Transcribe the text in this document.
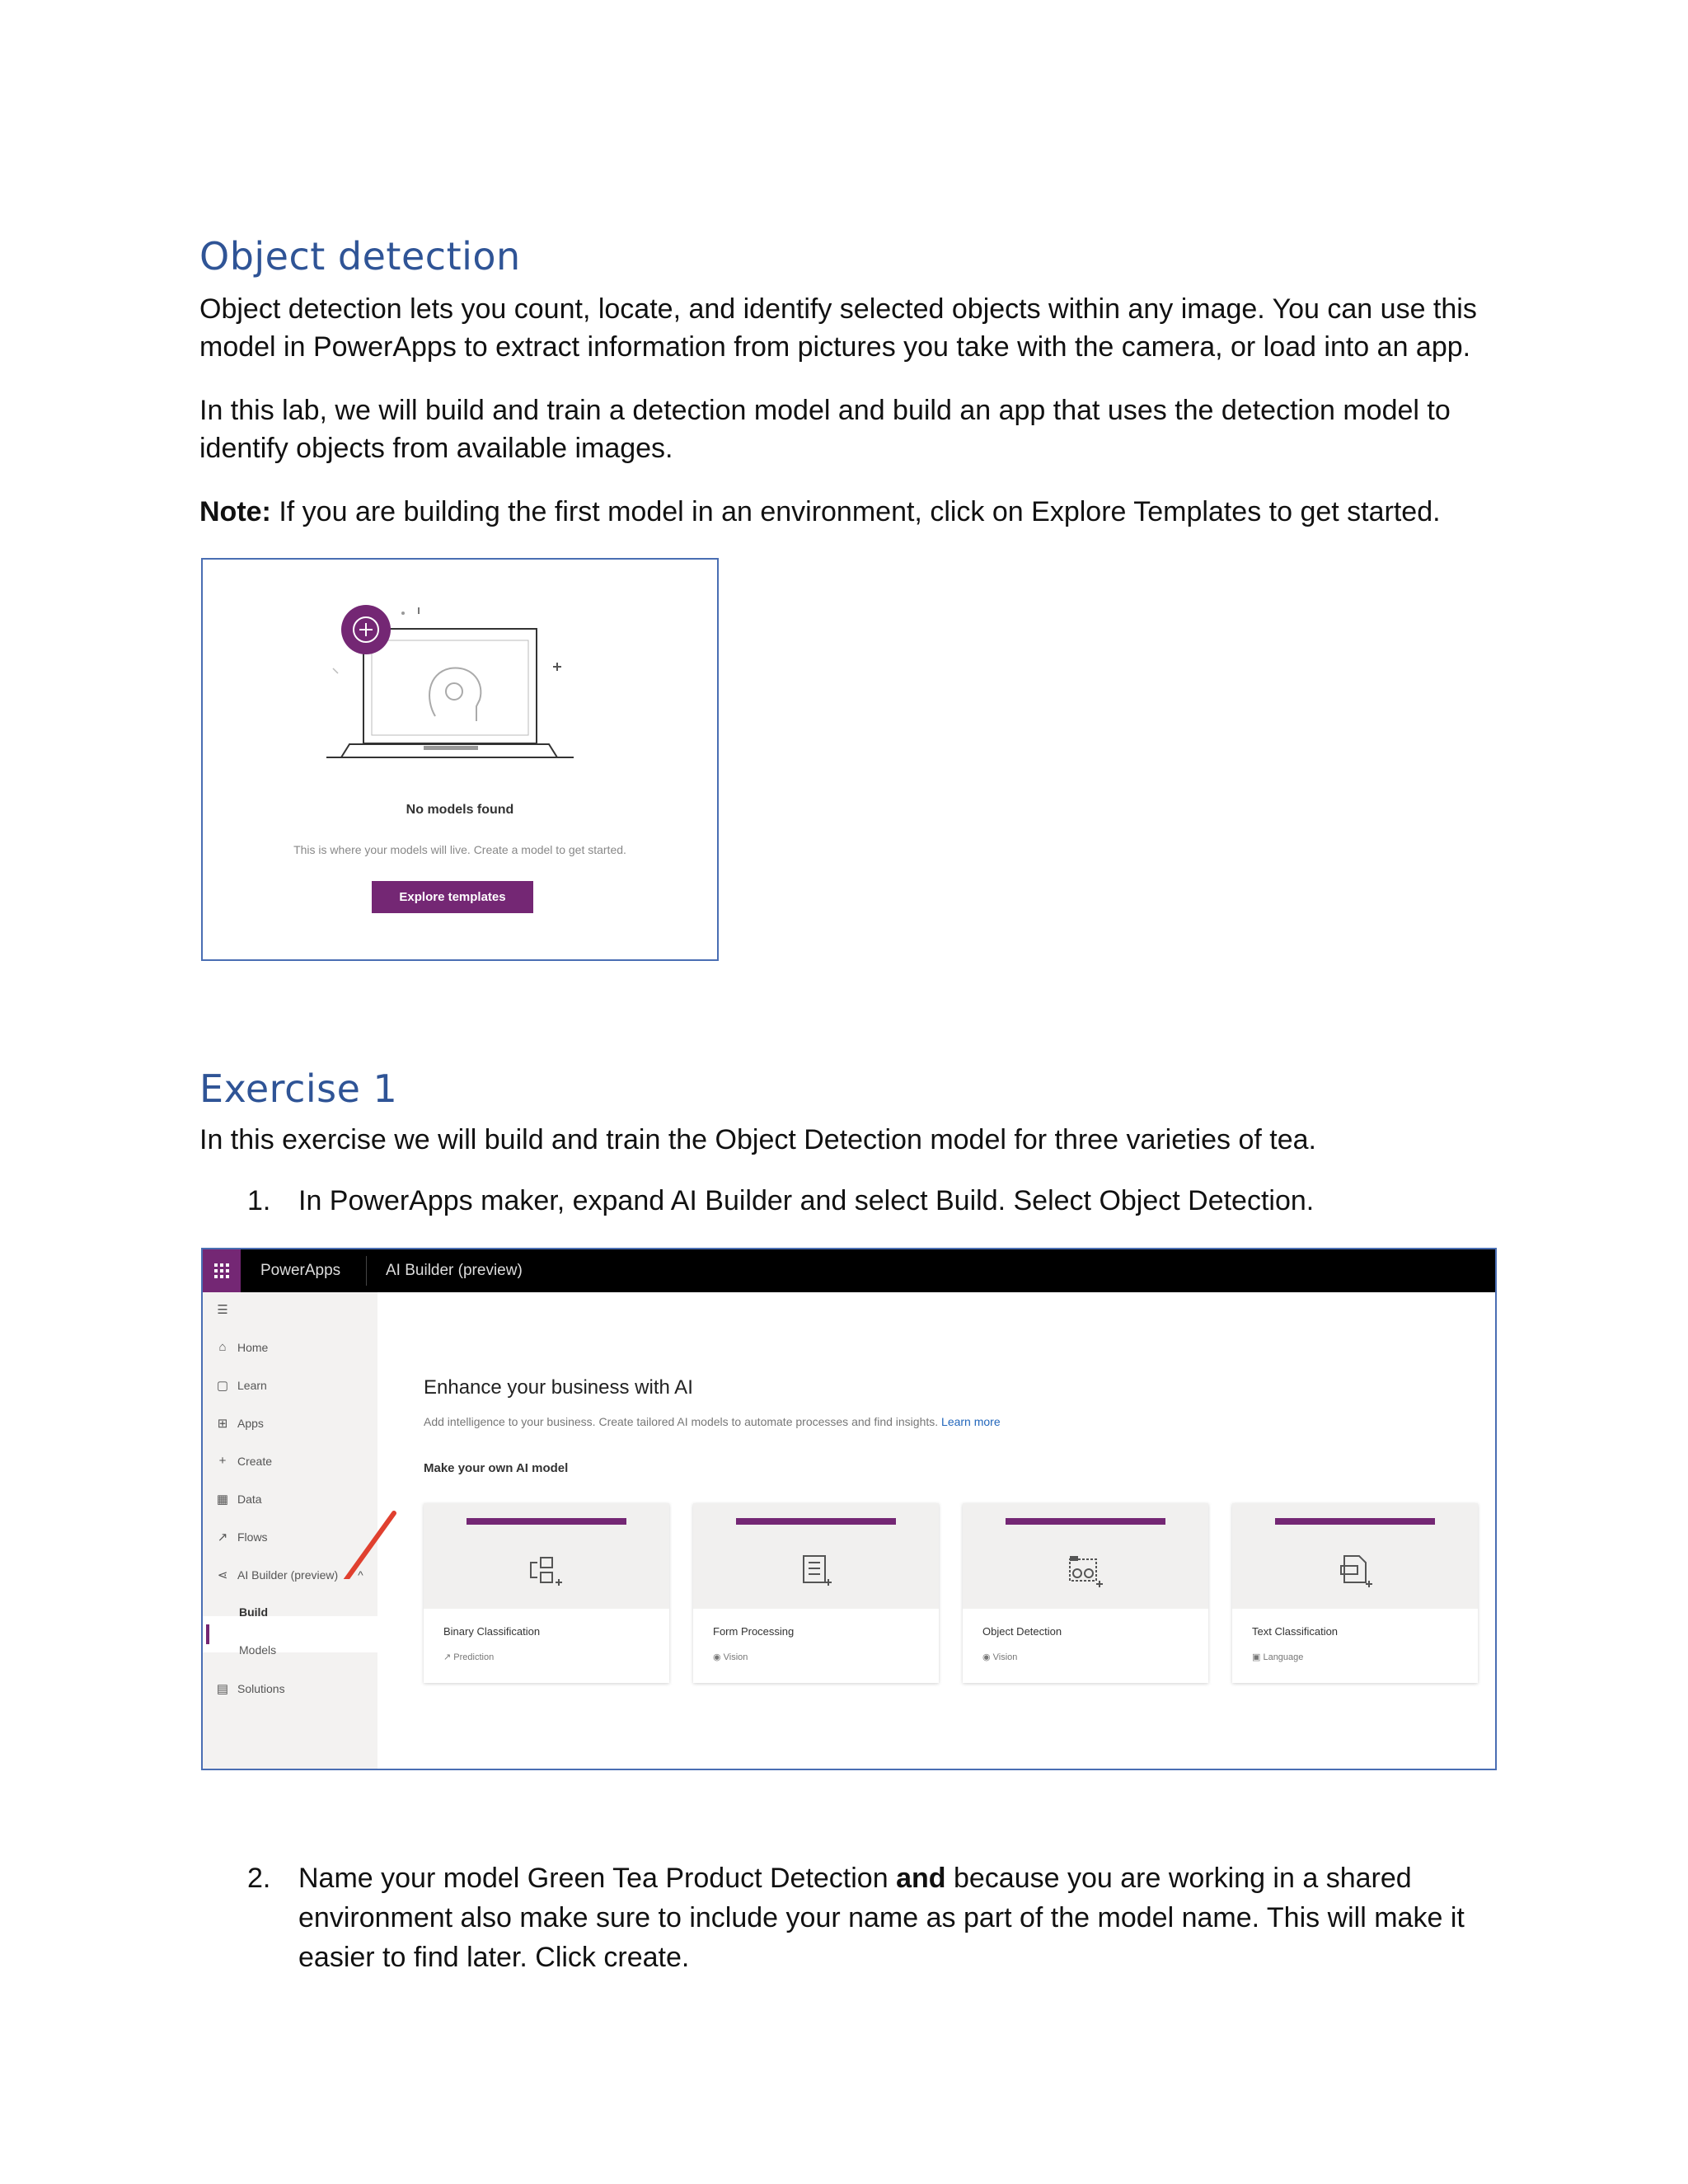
Object detection

Object detection lets you count, locate, and identify selected objects within any image. You can use this
model in PowerApps to extract information from pictures you take with the camera, or load into an app.

In this lab, we will build and train a detection model and build an app that uses the detection model to
identify objects from available images.

Note: If you are building the first model in an environment, click on Explore Templates to get started.

No models found
This is where your models will live. Create a model to get started.
Explore templates
Exercise 1

In this exercise we will build and train the Object Detection model for three varieties of tea.

1. In PowerApps maker, expand AI Builder and select Build. Select Object Detection.
PowerApps	AI Builder (preview)
☰
⌂ Home
▢ Learn
⊞ Apps
+ Create
▦ Data
↗ Flows
⋖ AI Builder (preview) ^
Build
Models
▤ Solutions
Enhance your business with AI
Add intelligence to your business. Create tailored AI models to automate processes and find insights. Learn more
Make your own AI model
Binary Classification
↗ Prediction
Form Processing
◉ Vision
Object Detection
◉ Vision
Text Classification
▣ Language
2. Name your model Green Tea Product Detection and because you are working in a shared environment also make sure to include your name as part of the model name. This will make it easier to find later. Click create.
